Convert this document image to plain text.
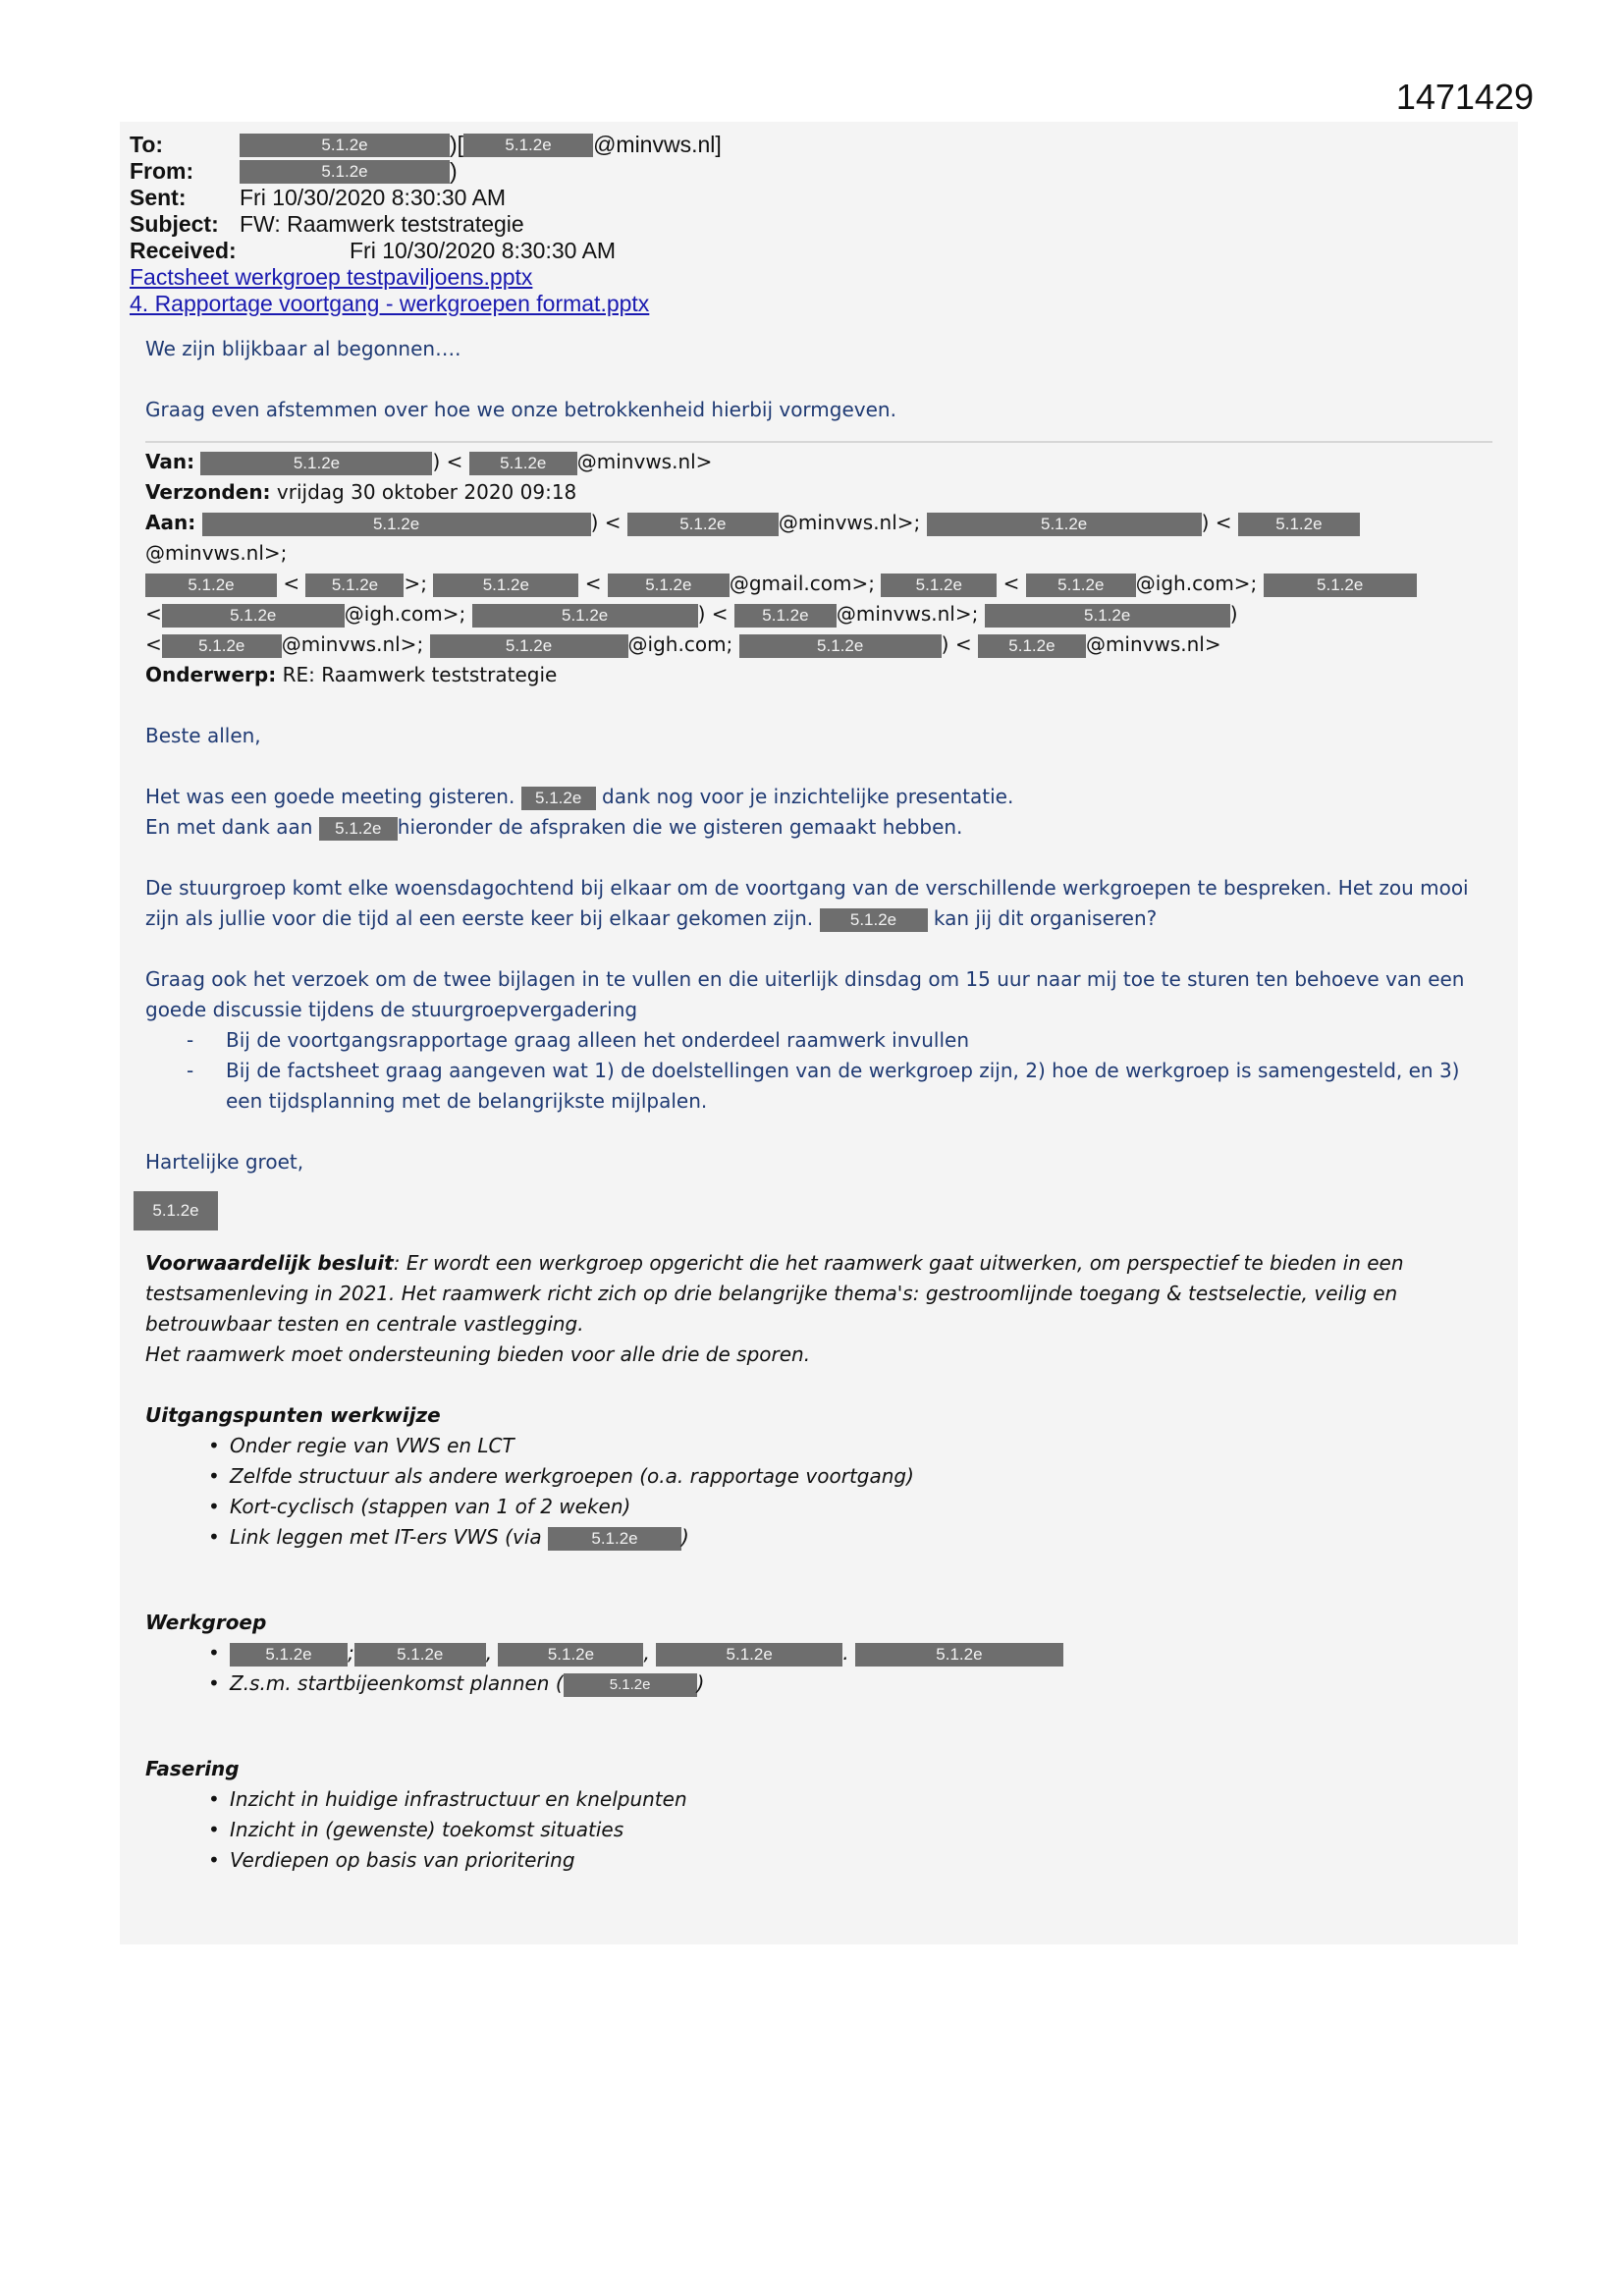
1471429
To:	5.1.2e	)[	5.1.2e	@minvws.nl]
From:	5.1.2e	)
Sent:	Fri 10/30/2020 8:30:30 AM
Subject: FW: Raamwerk teststrategie
Received:	Fri 10/30/2020 8:30:30 AM
Factsheet werkgroep testpaviljoens.pptx
4. Rapportage voortgang - werkgroepen format.pptx

We zijn blijkbaar al begonnen….

Graag even afstemmen over hoe we onze betrokkenheid hierbij vormgeven.

Van:	5.1.2e	) < 5.1.2e @minvws.nl>
Verzonden: vrijdag 30 oktober 2020 09:18
Aan:	5.1.2e	) <	5.1.2e	@minvws.nl>;	5.1.2e	) <	5.1.2e@minvws.nl>;
5.1.2e < 5.1.2e >;	5.1.2e	<	5.1.2e @gmail.com>; 5.1.2e < 5.1.2e @igh.com>;	5.1.2e
<	5.1.2e	@igh.com>;	5.1.2e	) < 5.1.2e @minvws.nl>;	5.1.2e	)
< 5.1.2e @minvws.nl>;	5.1.2e	@igh.com;	5.1.2e	) < 5.1.2e @minvws.nl>
Onderwerp: RE: Raamwerk teststrategie

Beste allen,

Het was een goede meeting gisteren. 5.1.2e dank nog voor je inzichtelijke presentatie.

En met dank aan 5.1.2e hieronder de afspraken die we gisteren gemaakt hebben.

De stuurgroep komt elke woensdagochtend bij elkaar om de voortgang van de verschillende werkgroepen te bespreken. Het zou mooi zijn als jullie voor die tijd al een eerste keer bij elkaar gekomen zijn. 5.1.2e kan jij dit organiseren?

Graag ook het verzoek om de twee bijlagen in te vullen en die uiterlijk dinsdag om 15 uur naar mij toe te sturen ten behoeve van een goede discussie tijdens de stuurgroepvergadering

- Bij de voortgangsrapportage graag alleen het onderdeel raamwerk invullen
- Bij de factsheet graag aangeven wat 1) de doelstellingen van de werkgroep zijn, 2) hoe de werkgroep is samengesteld, en 3) een tijdsplanning met de belangrijkste mijlpalen.

Hartelijke groet,

5.1.2e

Voorwaardelijk besluit: Er wordt een werkgroep opgericht die het raamwerk gaat uitwerken, om perspectief te bieden in een testsamenleving in 2021. Het raamwerk richt zich op drie belangrijke thema's: gestroomlijnde toegang & testselectie, veilig en betrouwbaar testen en centrale vastlegging.

Het raamwerk moet ondersteuning bieden voor alle drie de sporen.

Uitgangspunten werkwijze

• Onder regie van VWS en LCT
• Zelfde structuur als andere werkgroepen (o.a. rapportage voortgang)
• Kort-cyclisch (stappen van 1 of 2 weken)
• Link leggen met IT-ers VWS (via	5.1.2e )

Werkgroep

• 5.1.2e ;	5.1.2e ,	5.1.2e	,	5.1.2e	.	5.1.2e
• Z.s.m. startbijeenkomst plannen (	5.1.2e )

Fasering

• Inzicht in huidige infrastructuur en knelpunten
• Inzicht in (gewenste) toekomst situaties
• Verdiepen op basis van prioritering
